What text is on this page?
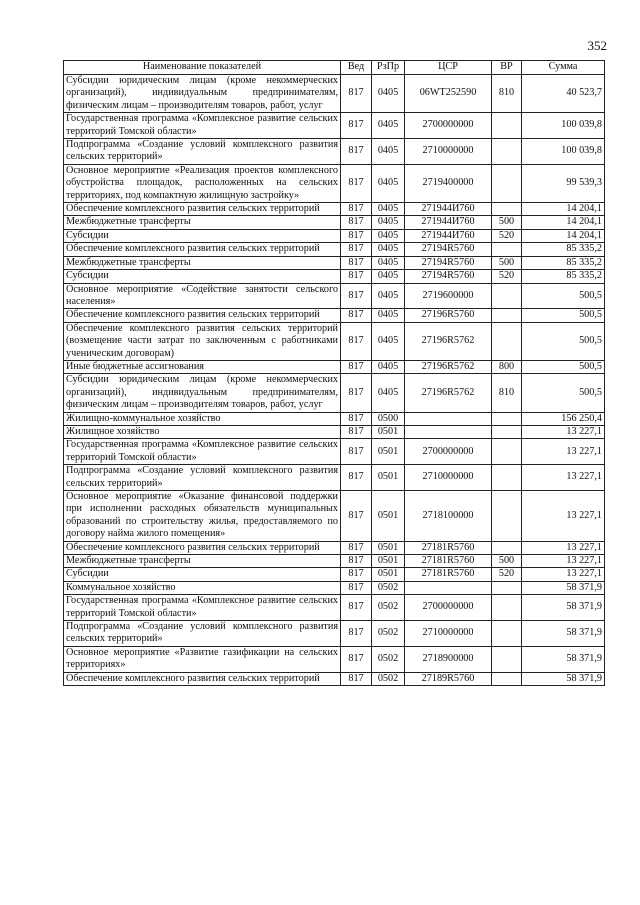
352
Наименование показателей	Вед	РзПр	ЦСР	ВР	Сумма
Субсидии юридическим лицам (кроме некоммерческих организаций), индивидуальным предпринимателям, физическим лицам – производителям товаров, работ, услуг	817	0405	06WT252590	810	40 523,7
Государственная программа «Комплексное развитие сельских территорий Томской области»	817	0405	2700000000		100 039,8
Подпрограмма «Создание условий комплексного развития сельских территорий»	817	0405	2710000000		100 039,8
Основное мероприятие «Реализация проектов комплексного обустройства площадок, расположенных на сельских территориях, под компактную жилищную застройку»	817	0405	2719400000		99 539,3
Обеспечение комплексного развития сельских территорий	817	0405	271944И760		14 204,1
Межбюджетные трансферты	817	0405	271944И760	500	14 204,1
Субсидии	817	0405	271944И760	520	14 204,1
Обеспечение комплексного развития сельских территорий	817	0405	27194R5760		85 335,2
Межбюджетные трансферты	817	0405	27194R5760	500	85 335,2
Субсидии	817	0405	27194R5760	520	85 335,2
Основное мероприятие «Содействие занятости сельского населения»	817	0405	2719600000		500,5
Обеспечение комплексного развития сельских территорий	817	0405	27196R5760		500,5
Обеспечение комплексного развития сельских территорий (возмещение части затрат по заключенным с работниками ученическим договорам)	817	0405	27196R5762		500,5
Иные бюджетные ассигнования	817	0405	27196R5762	800	500,5
Субсидии юридическим лицам (кроме некоммерческих организаций), индивидуальным предпринимателям, физическим лицам – производителям товаров, работ, услуг	817	0405	27196R5762	810	500,5
Жилищно-коммунальное хозяйство	817	0500			156 250,4
Жилищное хозяйство	817	0501			13 227,1
Государственная программа «Комплексное развитие сельских территорий Томской области»	817	0501	2700000000		13 227,1
Подпрограмма «Создание условий комплексного развития сельских территорий»	817	0501	2710000000		13 227,1
Основное мероприятие «Оказание финансовой поддержки при исполнении расходных обязательств муниципальных образований по строительству жилья, предоставляемого по договору найма жилого помещения»	817	0501	2718100000		13 227,1
Обеспечение комплексного развития сельских территорий	817	0501	27181R5760		13 227,1
Межбюджетные трансферты	817	0501	27181R5760	500	13 227,1
Субсидии	817	0501	27181R5760	520	13 227,1
Коммунальное хозяйство	817	0502			58 371,9
Государственная программа «Комплексное развитие сельских территорий Томской области»	817	0502	2700000000		58 371,9
Подпрограмма «Создание условий комплексного развития сельских территорий»	817	0502	2710000000		58 371,9
Основное мероприятие «Развитие газификации на сельских территориях»	817	0502	2718900000		58 371,9
Обеспечение комплексного развития сельских территорий	817	0502	27189R5760		58 371,9
